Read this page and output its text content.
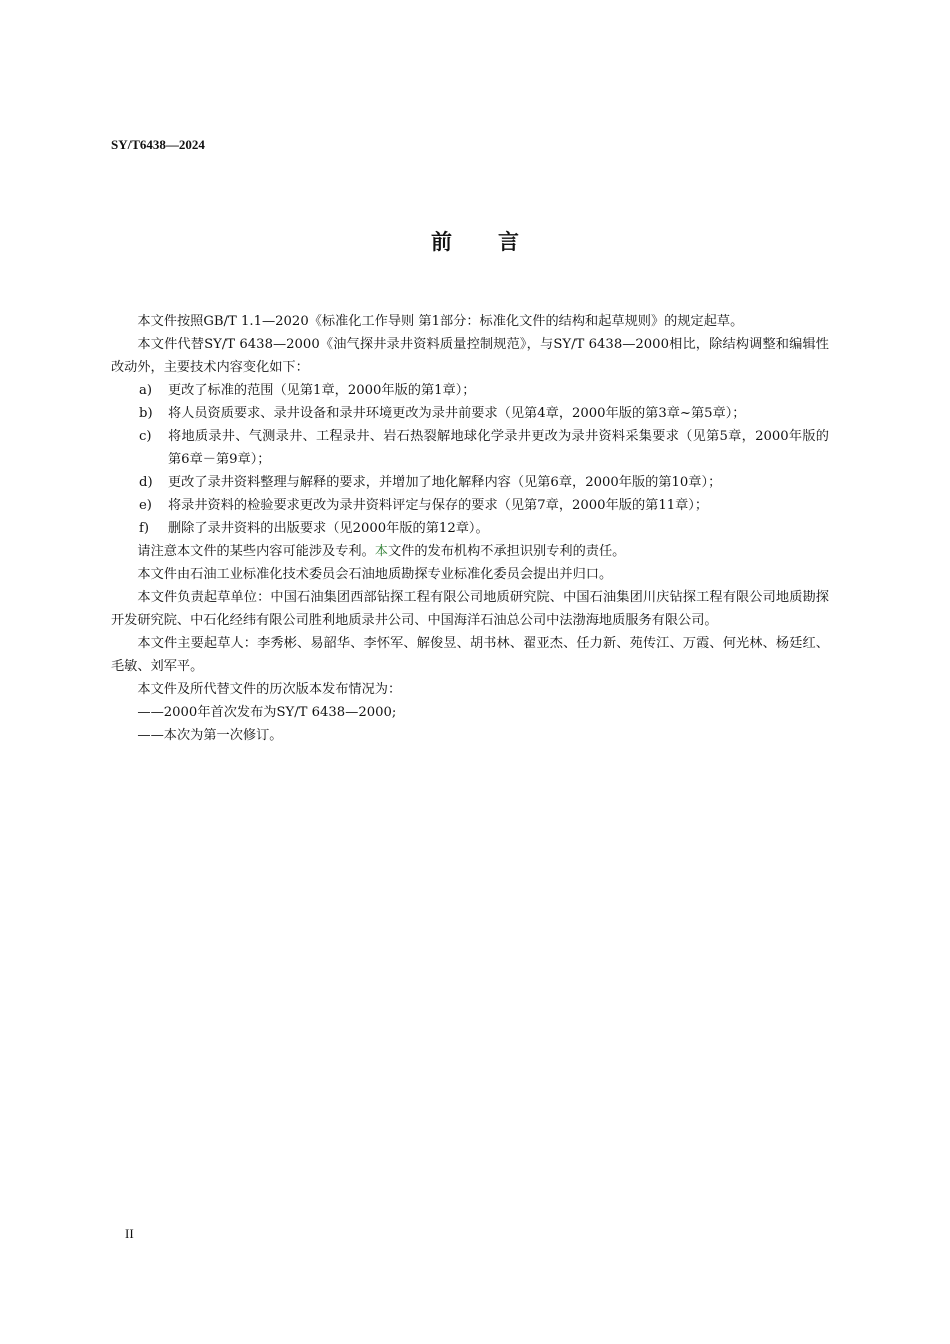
SY/T6438—2024
前言

本文件按照GB/T 1.1—2020《标准化工作导则 第1部分：标准化文件的结构和起草规则》的规定起草。

本文件代替SY/T 6438—2000《油气探井录井资料质量控制规范》，与SY/T 6438—2000相比，除结构调整和编辑性改动外，主要技术内容变化如下：

a)	更改了标准的范围（见第1章，2000年版的第1章）；
b)	将人员资质要求、录井设备和录井环境更改为录井前要求（见第4章，2000年版的第3章~第5章）；
c)	将地质录井、气测录井、工程录井、岩石热裂解地球化学录井更改为录井资料采集要求（见第5章，2000年版的第6章－第9章）；
d)	更改了录井资料整理与解释的要求，并增加了地化解释内容（见第6章，2000年版的第10章）；
e)	将录井资料的检验要求更改为录井资料评定与保存的要求（见第7章，2000年版的第11章）；
f)	删除了录井资料的出版要求（见2000年版的第12章）。

请注意本文件的某些内容可能涉及专利。本文件的发布机构不承担识别专利的责任。

本文件由石油工业标准化技术委员会石油地质勘探专业标准化委员会提出并归口。

本文件负责起草单位：中国石油集团西部钻探工程有限公司地质研究院、中国石油集团川庆钻探工程有限公司地质勘探开发研究院、中石化经纬有限公司胜利地质录井公司、中国海洋石油总公司中法渤海地质服务有限公司。

本文件主要起草人：李秀彬、易韶华、李怀军、解俊昱、胡书林、翟亚杰、任力新、苑传江、万霞、何光林、杨廷红、毛敏、刘军平。

本文件及所代替文件的历次版本发布情况为：

——2000年首次发布为SY/T 6438—2000;

——本次为第一次修订。

II
